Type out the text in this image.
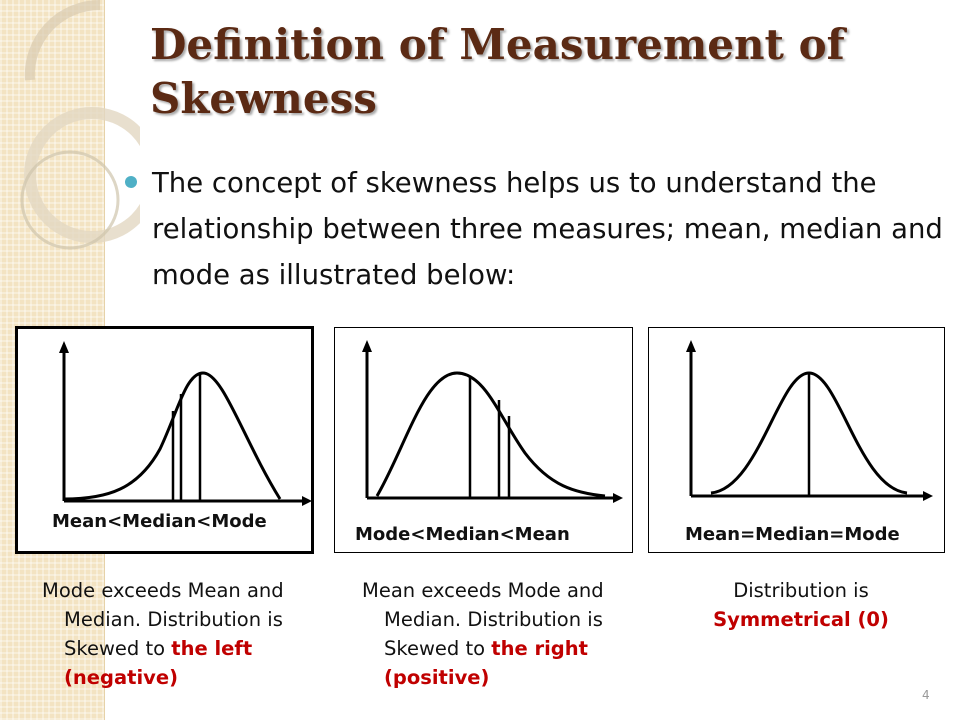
Definition of Measurement of Skewness

The concept of skewness helps us to understand the relationship between three measures; mean, median and mode as illustrated below:

Mean<Median<Mode
Mode<Median<Mean	Mean=Median=Mode
Mode exceeds Mean and
Median. Distribution is
Skewed to the left
(negative)
Mean exceeds Mode and
Median. Distribution is
Skewed to the right
(positive)
Distribution is
Symmetrical (0)
4
